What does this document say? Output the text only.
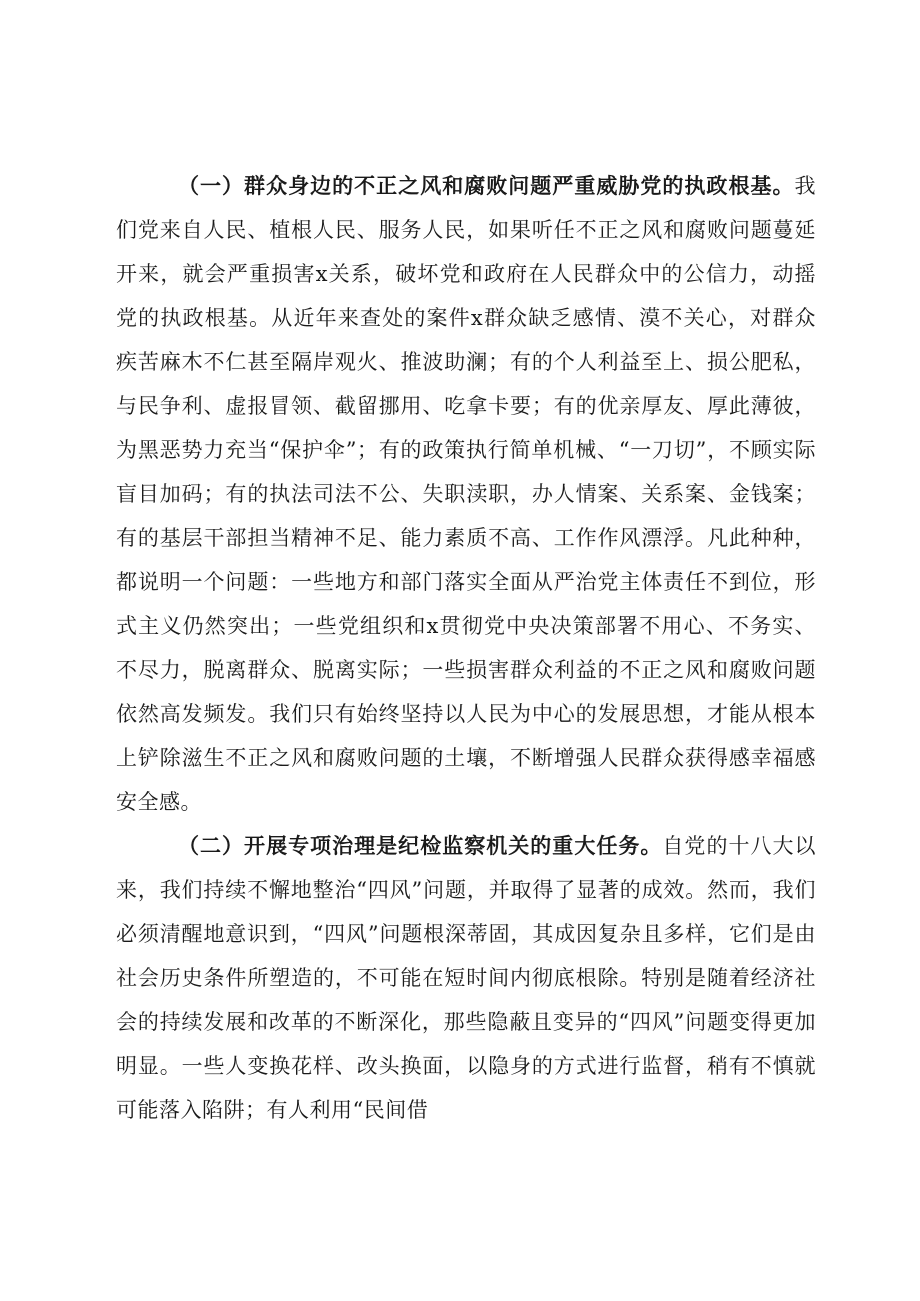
（一）群众身边的不正之风和腐败问题严重威胁党的执政根基。我们党来自人民、植根人民、服务人民，如果听任不正之风和腐败问题蔓延开来，就会严重损害x关系，破坏党和政府在人民群众中的公信力，动摇党的执政根基。从近年来查处的案件x群众缺乏感情、漠不关心，对群众疾苦麻木不仁甚至隔岸观火、推波助澜；有的个人利益至上、损公肥私，与民争利、虚报冒领、截留挪用、吃拿卡要；有的优亲厚友、厚此薄彼，为黑恶势力充当“保护伞”；有的政策执行简单机械、“一刀切”，不顾实际盲目加码；有的执法司法不公、失职渎职，办人情案、关系案、金钱案；有的基层干部担当精神不足、能力素质不高、工作作风漂浮。凡此种种，都说明一个问题：一些地方和部门落实全面从严治党主体责任不到位，形式主义仍然突出；一些党组织和x贯彻党中央决策部署不用心、不务实、不尽力，脱离群众、脱离实际；一些损害群众利益的不正之风和腐败问题依然高发频发。我们只有始终坚持以人民为中心的发展思想，才能从根本上铲除滋生不正之风和腐败问题的土壤，不断增强人民群众获得感幸福感安全感。

（二）开展专项治理是纪检监察机关的重大任务。自党的十八大以来，我们持续不懈地整治“四风”问题，并取得了显著的成效。然而，我们必须清醒地意识到，“四风”问题根深蒂固，其成因复杂且多样，它们是由社会历史条件所塑造的，不可能在短时间内彻底根除。特别是随着经济社会的持续发展和改革的不断深化，那些隐蔽且变异的“四风”问题变得更加明显。一些人变换花样、改头换面，以隐身的方式进行监督，稍有不慎就可能落入陷阱；有人利用“民间借
